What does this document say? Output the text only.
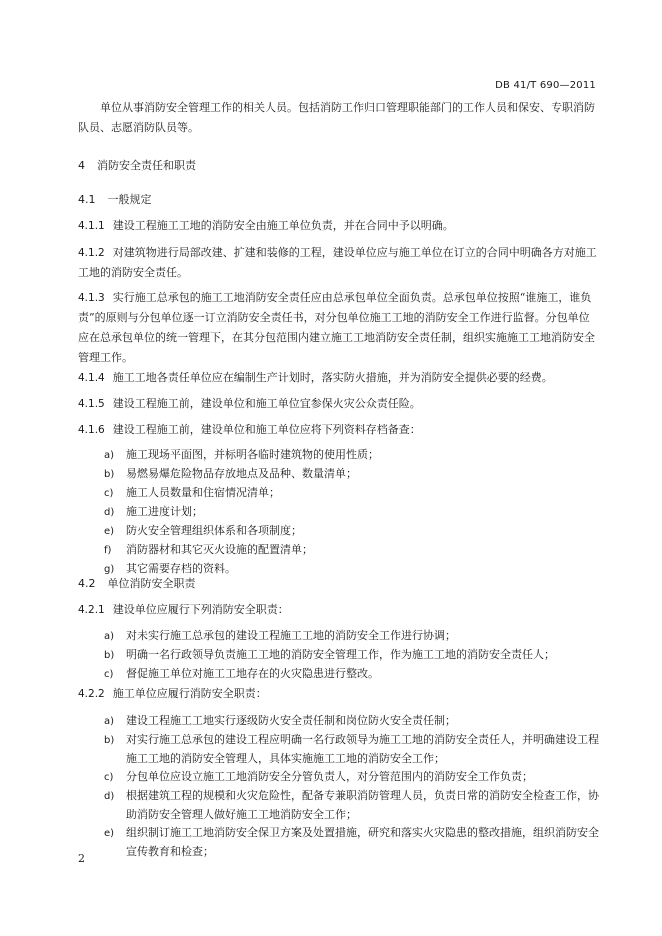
DB 41/T 690—2011
单位从事消防安全管理工作的相关人员。包括消防工作归口管理职能部门的工作人员和保安、专职消防队员、志愿消防队员等。
4 消防安全责任和职责
4.1 一般规定
4.1.1 建设工程施工工地的消防安全由施工单位负责，并在合同中予以明确。
4.1.2 对建筑物进行局部改建、扩建和装修的工程，建设单位应与施工单位在订立的合同中明确各方对施工工地的消防安全责任。
4.1.3 实行施工总承包的施工工地消防安全责任应由总承包单位全面负责。总承包单位按照“谁施工，谁负责”的原则与分包单位逐一订立消防安全责任书，对分包单位施工工地的消防安全工作进行监督。分包单位应在总承包单位的统一管理下，在其分包范围内建立施工工地消防安全责任制，组织实施施工工地消防安全管理工作。
4.1.4 施工工地各责任单位应在编制生产计划时，落实防火措施，并为消防安全提供必要的经费。
4.1.5 建设工程施工前，建设单位和施工单位宜参保火灾公众责任险。
4.1.6 建设工程施工前，建设单位和施工单位应将下列资料存档备查：
a) 施工现场平面图，并标明各临时建筑物的使用性质；
b) 易燃易爆危险物品存放地点及品种、数量清单；
c) 施工人员数量和住宿情况清单；
d) 施工进度计划；
e) 防火安全管理组织体系和各项制度；
f) 消防器材和其它灭火设施的配置清单；
g) 其它需要存档的资料。
4.2 单位消防安全职责
4.2.1 建设单位应履行下列消防安全职责：
a) 对未实行施工总承包的建设工程施工工地的消防安全工作进行协调；
b) 明确一名行政领导负责施工工地的消防安全管理工作，作为施工工地的消防安全责任人；
c) 督促施工单位对施工工地存在的火灾隐患进行整改。
4.2.2 施工单位应履行消防安全职责：
a) 建设工程施工工地实行逐级防火安全责任制和岗位防火安全责任制；
b) 对实行施工总承包的建设工程应明确一名行政领导为施工工地的消防安全责任人，并明确建设工程施工工地的消防安全管理人，具体实施施工工地的消防安全工作；
c) 分包单位应设立施工工地消防安全分管负责人，对分管范围内的消防安全工作负责；
d) 根据建筑工程的规模和火灾危险性，配备专兼职消防管理人员，负责日常的消防安全检查工作，协助消防安全管理人做好施工工地消防安全工作；
e) 组织制订施工工地消防安全保卫方案及处置措施，研究和落实火灾隐患的整改措施，组织消防安全宣传教育和检查；
2
